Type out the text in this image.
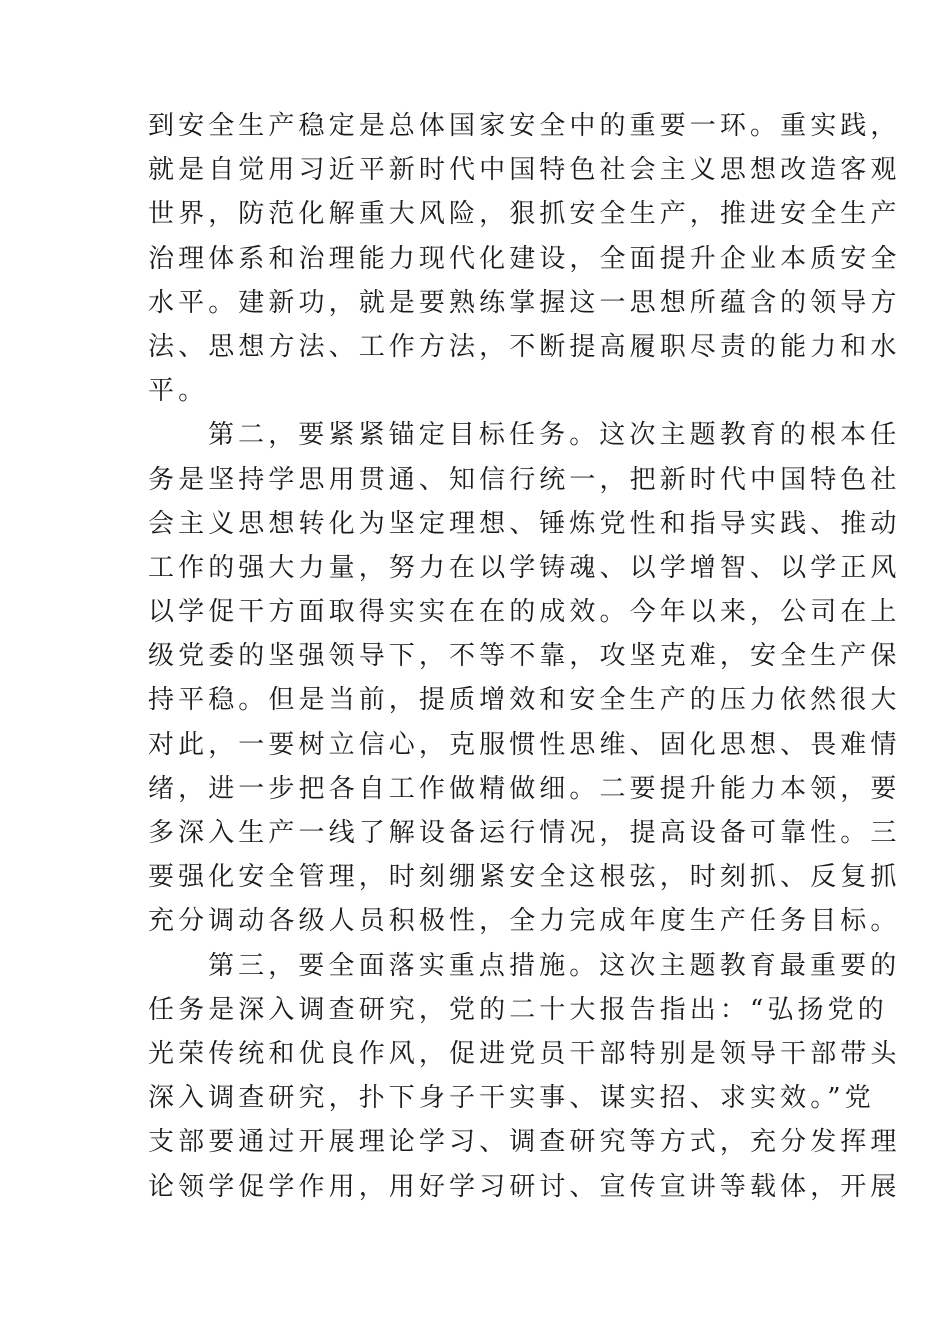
到安全生产稳定是总体国家安全中的重要一环。重实践，
就是自觉用习近平新时代中国特色社会主义思想改造客观
世界，防范化解重大风险，狠抓安全生产，推进安全生产
治理体系和治理能力现代化建设，全面提升企业本质安全
水平。建新功，就是要熟练掌握这一思想所蕴含的领导方
法、思想方法、工作方法，不断提高履职尽责的能力和水
平。
第二，要紧紧锚定目标任务。这次主题教育的根本任
务是坚持学思用贯通、知信行统一，把新时代中国特色社
会主义思想转化为坚定理想、锤炼党性和指导实践、推动
工作的强大力量，努力在以学铸魂、以学增智、以学正风
以学促干方面取得实实在在的成效。今年以来，公司在上
级党委的坚强领导下，不等不靠，攻坚克难，安全生产保
持平稳。但是当前，提质增效和安全生产的压力依然很大
对此，一要树立信心，克服惯性思维、固化思想、畏难情
绪，进一步把各自工作做精做细。二要提升能力本领，要
多深入生产一线了解设备运行情况，提高设备可靠性。三
要强化安全管理，时刻绷紧安全这根弦，时刻抓、反复抓
充分调动各级人员积极性，全力完成年度生产任务目标。
第三，要全面落实重点措施。这次主题教育最重要的
任务是深入调查研究，党的二十大报告指出：“弘扬党的
光荣传统和优良作风，促进党员干部特别是领导干部带头
深入调查研究，扑下身子干实事、谋实招、求实效。”党
支部要通过开展理论学习、调查研究等方式，充分发挥理
论领学促学作用，用好学习研讨、宣传宣讲等载体，开展
